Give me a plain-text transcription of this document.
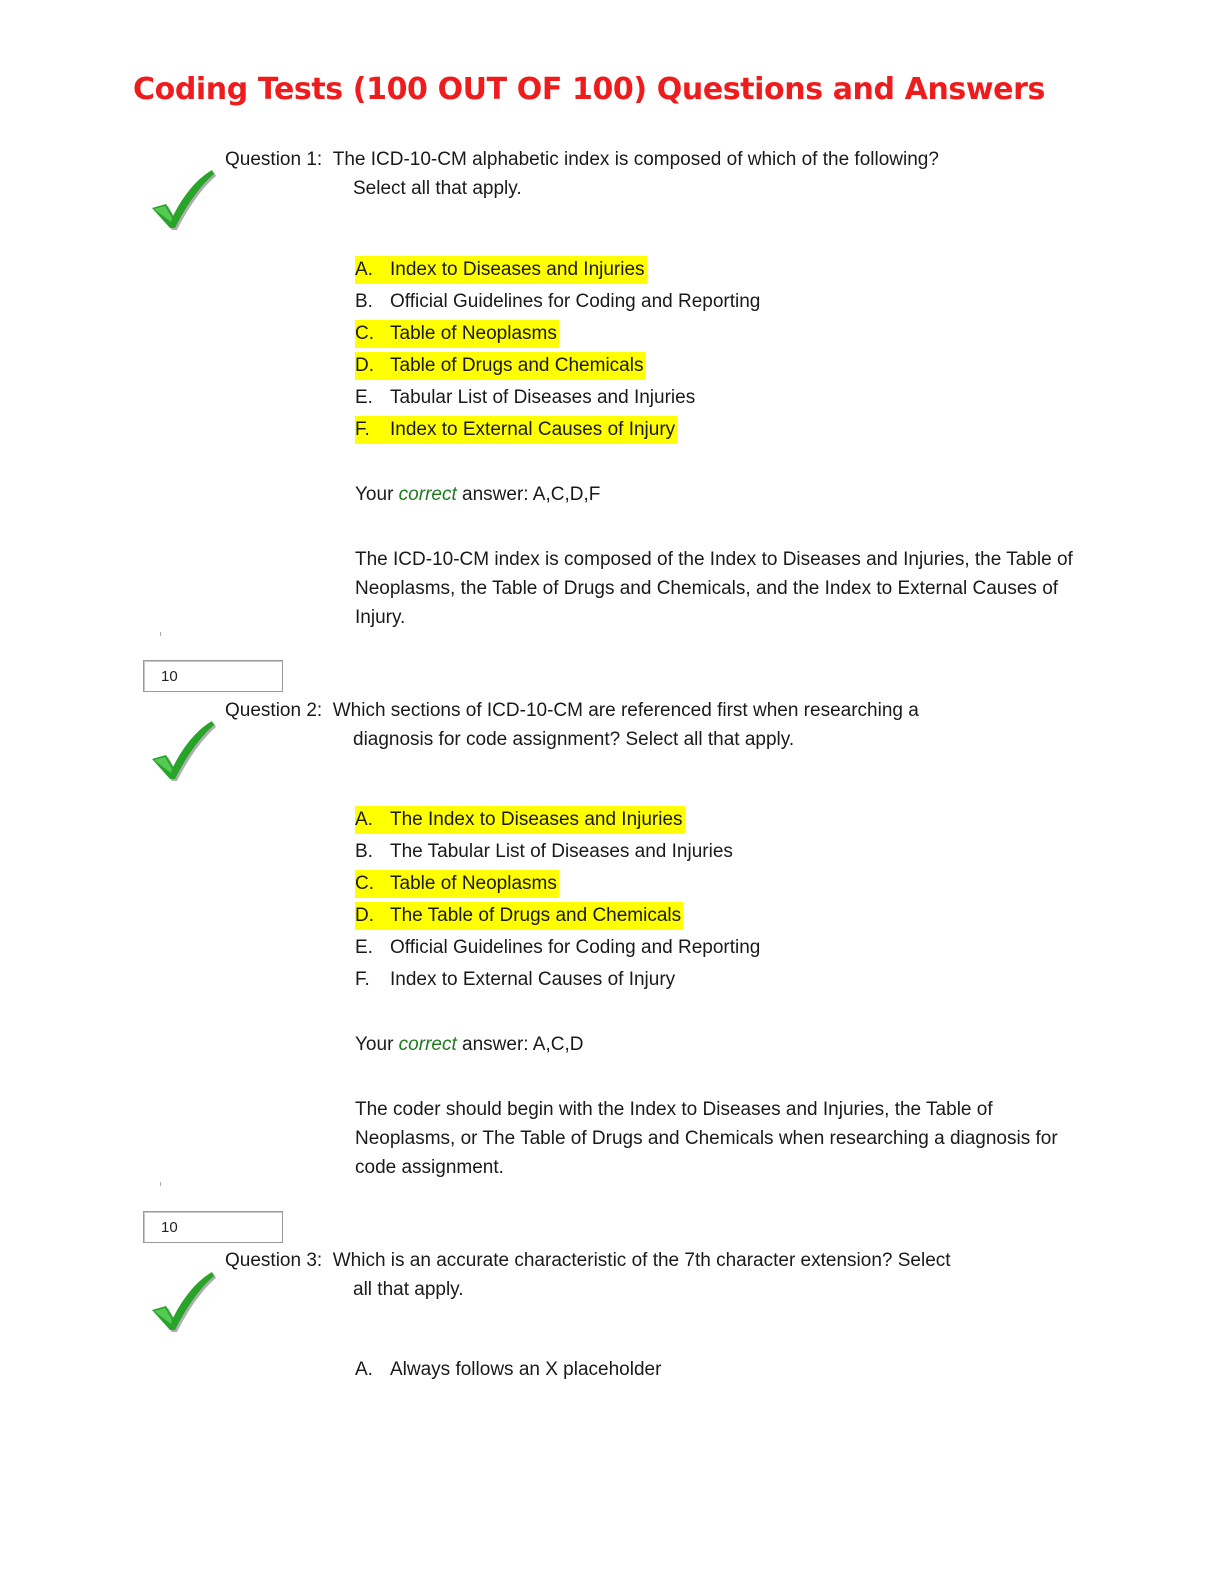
Coding Tests (100 OUT OF 100) Questions and Answers
Question 1: The ICD-10-CM alphabetic index is composed of which of the following?
Select all that apply.
A. Index to Diseases and Injuries
B. Official Guidelines for Coding and Reporting
C. Table of Neoplasms
D. Table of Drugs and Chemicals
E. Tabular List of Diseases and Injuries
F. Index to External Causes of Injury
Your correct answer: A,C,D,F

The ICD-10-CM index is composed of the Index to Diseases and Injuries, the Table of Neoplasms, the Table of Drugs and Chemicals, and the Index to External Causes of Injury.

10
Question 2: Which sections of ICD-10-CM are referenced first when researching a
diagnosis for code assignment? Select all that apply.
A. The Index to Diseases and Injuries
B. The Tabular List of Diseases and Injuries
C. Table of Neoplasms
D. The Table of Drugs and Chemicals
E. Official Guidelines for Coding and Reporting
F. Index to External Causes of Injury
Your correct answer: A,C,D

The coder should begin with the Index to Diseases and Injuries, the Table of Neoplasms, or The Table of Drugs and Chemicals when researching a diagnosis for code assignment.

10
Question 3: Which is an accurate characteristic of the 7th character extension? Select
all that apply.
A. Always follows an X placeholder
